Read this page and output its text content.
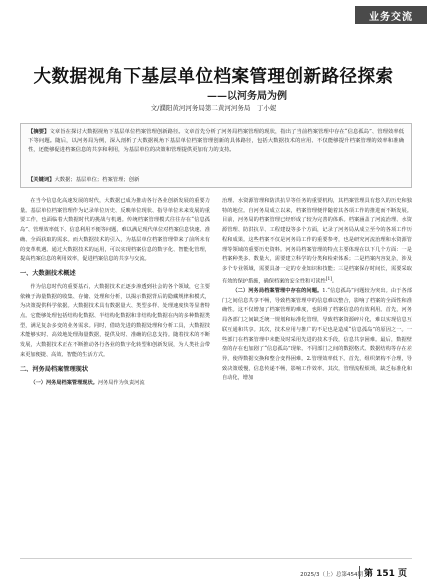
业务交流
大数据视角下基层单位档案管理创新路径探索
——以河务局为例
文/濮阳黄河河务局第二黄河河务局　丁小妮
【摘要】文章旨在探讨大数据视角下基层单位档案管理创新路径。文章首先分析了河务局档案管理的现状，指出了当前档案管理中存在“信息孤岛”、管理效率低下等问题。随后，以河务局为例，深入剖析了大数据视角下基层单位档案管理创新的具体路径，包括大数据技术的应用、不仅能够提升档案管理的效率和准确性，还能够促进档案信息的共享和利用，为基层单位的决策和管理提供更加有力的支持。
【关键词】大数据；基层单位；档案管理；创新

在当今信息化高速发展的时代，大数据已成为推动各行各业创新发展的重要力量。基层单位档案管理作为记录单位历史、反映单位现状、指导单位未来发展的重要工作，也面临着大数据时代的挑战与机遇。传统档案管理模式往往存在“信息孤岛”、管理效率低下、信息利用不便等问题，难以满足现代单位对档案信息快速、准确、全面获取的需求。而大数据技术的引入，为基层单位档案管理带来了前所未有的变革机遇。通过大数据技术的运用，可以实现档案信息的数字化、智能化管理，提高档案信息的利用效率，促进档案信息的共享与交流。

一、大数据技术概述

作为信息时代的重要基石，大数据技术正逐步渗透到社会的各个领域，它主要依赖于海量数据的收集、存储、处理和分析，以揭示数据背后的隐藏规律和模式，为决策提供科学依据。大数据技术具有数据量大、类型多样、处理速度快等显著特点。它能够处理包括结构化数据、半结构化数据和非结构化数据在内的多种数据类型，满足复杂多变的业务需求。同时，借助先进的数据处理和分析工具，大数据技术能够实时、高效地处理海量数据，提供及时、准确的信息支持。随着技术的不断发展，大数据技术正在不断推动各行各业的数字化转型和创新发展，为人类社会带来更加便捷、高效、智能的生活方式。

二、河务局档案管理现状

（一）河务局档案管理现状。河务局作为负责河流

治理、水资源管理和防洪抗旱等任务的重要机构，其档案管理具有悠久的历史和独特的地位。自河务局成立以来，档案管理便伴随着其各项工作的推进而不断发展。目前，河务局的档案管理已经形成了较为完善的体系。档案涵盖了河流治理、水资源管理、防洪抗旱、工程建设等多个方面，记录了河务局从成立至今的各项工作历程和成果。这些档案不仅是河务局工作的重要参考，也是研究河流治理和水资源管理等领域的重要历史资料。河务局档案管理的特点主要体现在以下几个方面：一是档案种类多、数量大，需要建立科学的分类和检索体系；二是档案内容复杂，涉及多个专业领域，需要具备一定的专业知识和技能；三是档案保存时间长，需要采取有效的保护措施，确保档案的安全性和可读性[1]。

（二）河务局档案管理中存在的问题。1.“信息孤岛”问题较为突出。由于各部门之间信息共享不畅，导致档案管理中的信息难以整合，影响了档案的全面性和准确性。这不仅增加了档案管理的难度，也阻碍了档案信息的有效利用。首先，河务局各部门之间缺乏统一规划和标准化管理，导致档案资源碎片化，难以实现信息互联互通和共享。其次，技术应用与推广的不足也是造成“信息孤岛”的原因之一。一些部门在档案管理中未能及时采用先进的技术手段，信息共享困难。最后，数据壁垒的存在也加剧了“信息孤岛”现象。不同部门之间的数据格式、数据结构等存在差异，使得数据交换和整合变得困难。2.管理效率低下。首先，组织架构不合理，导致决策缓慢，信息传递不畅，影响工作效率。其次，管理流程烦琐，缺乏标准化和自动化，增加

2025/3（上）总第454期 第 151 页
